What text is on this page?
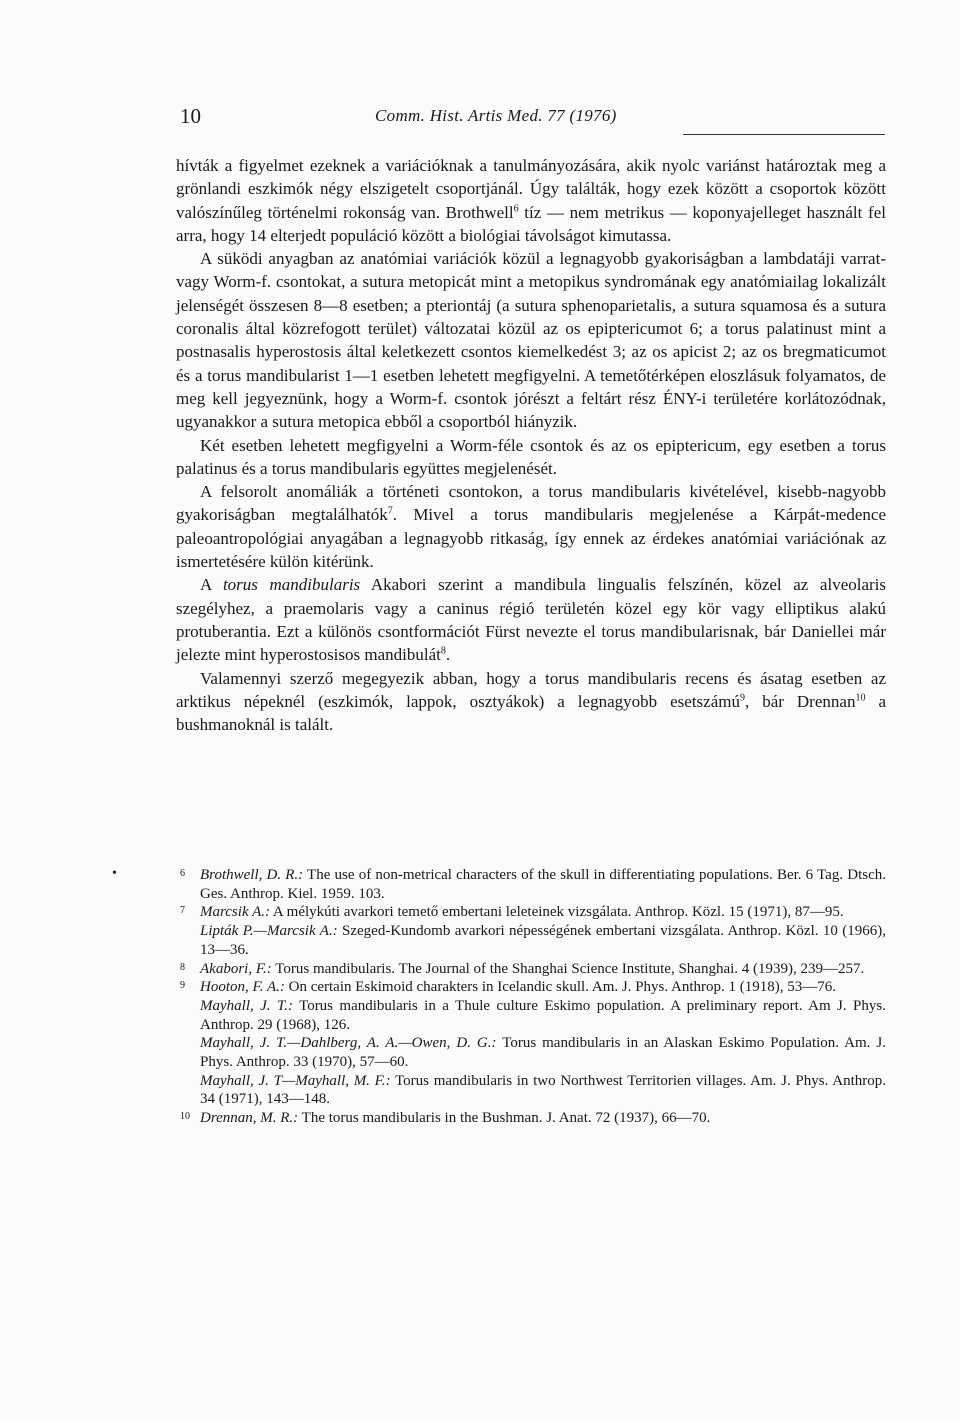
10	Comm. Hist. Artis Med. 77 (1976)

hívták a figyelmet ezeknek a variációknak a tanulmányozására, akik nyolc variánst határoztak meg a grönlandi eszkimók négy elszigetelt csoportjánál. Úgy találták, hogy ezek között a csoportok között valószínűleg történelmi rokonság van. Brothwell$^6$ tíz — nem metrikus — koponyajelleget használt fel arra, hogy 14 elterjedt populáció között a biológiai távolságot kimutassa.

A süködi anyagban az anatómiai variációk közül a legnagyobb gyakoriságban a lambdatáji varrat- vagy Worm-f. csontokat, a sutura metopicát mint a metopikus syndromának egy anatómiailag lokalizált jelenségét összesen 8—8 esetben; a pteriontáj (a sutura sphenoparietalis, a sutura squamosa és a sutura coronalis által közrefogott terület) változatai közül az os epiptericumot 6; a torus palatinust mint a postnasalis hyperostosis által keletkezett csontos kiemelkedést 3; az os apicist 2; az os bregmaticumot és a torus mandibularist 1—1 esetben lehetett megfigyelni. A temetőtérképen eloszlásuk folyamatos, de meg kell jegyeznünk, hogy a Worm-f. csontok jórészt a feltárt rész ÉNY-i területére korlátozódnak, ugyanakkor a sutura metopica ebből a csoportból hiányzik.

Két esetben lehetett megfigyelni a Worm-féle csontok és az os epiptericum, egy esetben a torus palatinus és a torus mandibularis együttes megjelenését.

A felsorolt anomáliák a történeti csontokon, a torus mandibularis kivételével, kisebb-nagyobb gyakoriságban megtalálhatók$^7$. Mivel a torus mandibularis megjelenése a Kárpát-medence paleoantropológiai anyagában a legnagyobb ritkaság, így ennek az érdekes anatómiai variációnak az ismertetésére külön kitérünk.

A torus mandibularis Akabori szerint a mandibula lingualis felszínén, közel az alveolaris szegélyhez, a praemolaris vagy a caninus régió területén közel egy kör vagy elliptikus alakú protuberantia. Ezt a különös csontformációt Fürst nevezte el torus mandibularisnak, bár Daniellei már jelezte mint hyperostosisos mandibulát$^8$.

Valamennyi szerző megegyezik abban, hogy a torus mandibularis recens és ásatag esetben az arktikus népeknél (eszkimók, lappok, osztyákok) a legnagyobb esetszámú$^9$, bár Drennan$^{10}$ a bushmanoknál is talált.

•	6 Brothwell, D. R.: The use of non-metrical characters of the skull in differentiating populations. Ber. 6 Tag. Dtsch. Ges. Anthrop. Kiel. 1959. 103.

7 Marcsik A.: A mélykúti avarkori temető embertani leleteinek vizsgálata. Anthrop. Közl. 15 (1971), 87—95.

Lipták P.—Marcsik A.: Szeged-Kundomb avarkori népességének embertani vizsgálata. Anthrop. Közl. 10 (1966), 13—36.

8 Akabori, F.: Torus mandibularis. The Journal of the Shanghai Science Institute, Shanghai. 4 (1939), 239—257.

9 Hooton, F. A.: On certain Eskimoid charakters in Icelandic skull. Am. J. Phys. Anthrop. 1 (1918), 53—76.

Mayhall, J. T.: Torus mandibularis in a Thule culture Eskimo population. A preliminary report. Am J. Phys. Anthrop. 29 (1968), 126.

Mayhall, J. T.—Dahlberg, A. A.—Owen, D. G.: Torus mandibularis in an Alaskan Eskimo Population. Am. J. Phys. Anthrop. 33 (1970), 57—60.

Mayhall, J. T—Mayhall, M. F.: Torus mandibularis in two Northwest Territorien villages. Am. J. Phys. Anthrop. 34 (1971), 143—148.

10 Drennan, M. R.: The torus mandibularis in the Bushman. J. Anat. 72 (1937), 66—70.
